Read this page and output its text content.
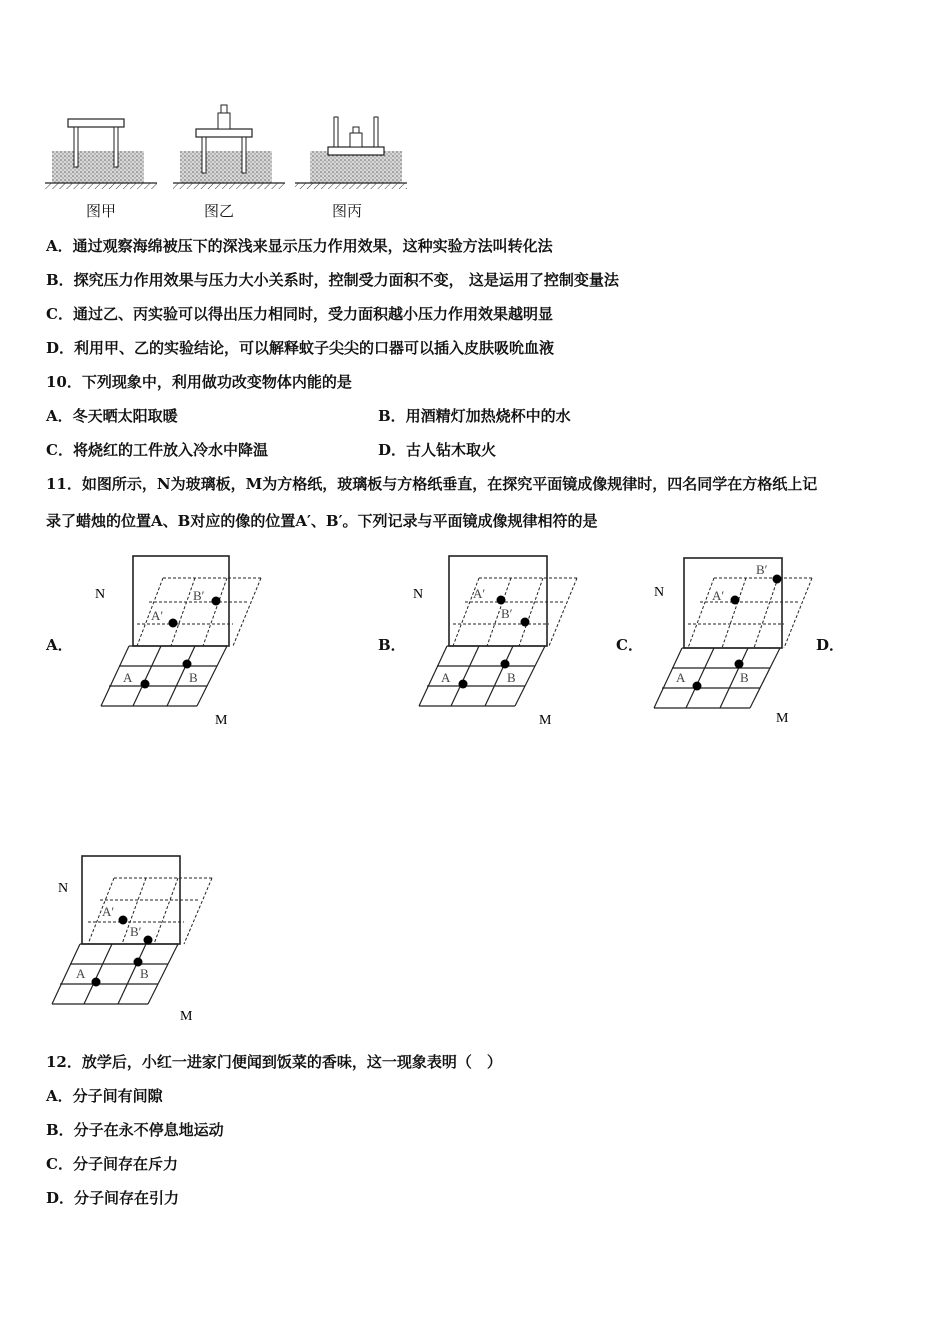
图甲	图乙	图丙
A．通过观察海绵被压下的深浅来显示压力作用效果，这种实验方法叫转化法
B．探究压力作用效果与压力大小关系时，控制受力面积不变， 这是运用了控制变量法
C．通过乙、丙实验可以得出压力相同时，受力面积越小压力作用效果越明显
D．利用甲、乙的实验结论，可以解释蚊子尖尖的口器可以插入皮肤吸吮血液
10．下列现象中，利用做功改变物体内能的是
A．冬天晒太阳取暖	B．用酒精灯加热烧杯中的水
C．将烧红的工件放入冷水中降温	D．古人钻木取火
11．如图所示，N为玻璃板，M为方格纸，玻璃板与方格纸垂直，在探究平面镜成像规律时，四名同学在方格纸上记
录了蜡烛的位置A、B对应的像的位置A′、B′。下列记录与平面镜成像规律相符的是
A．	B．	C．	D．
N
M
A′
B′
A	B
N
M
A′
B′
A	B
N
M
A′
B′
A	B
N
M
A′
B′
A	B
12．放学后，小红一进家门便闻到饭菜的香味，这一现象表明（　）
A．分子间有间隙
B．分子在永不停息地运动
C．分子间存在斥力
D．分子间存在引力
